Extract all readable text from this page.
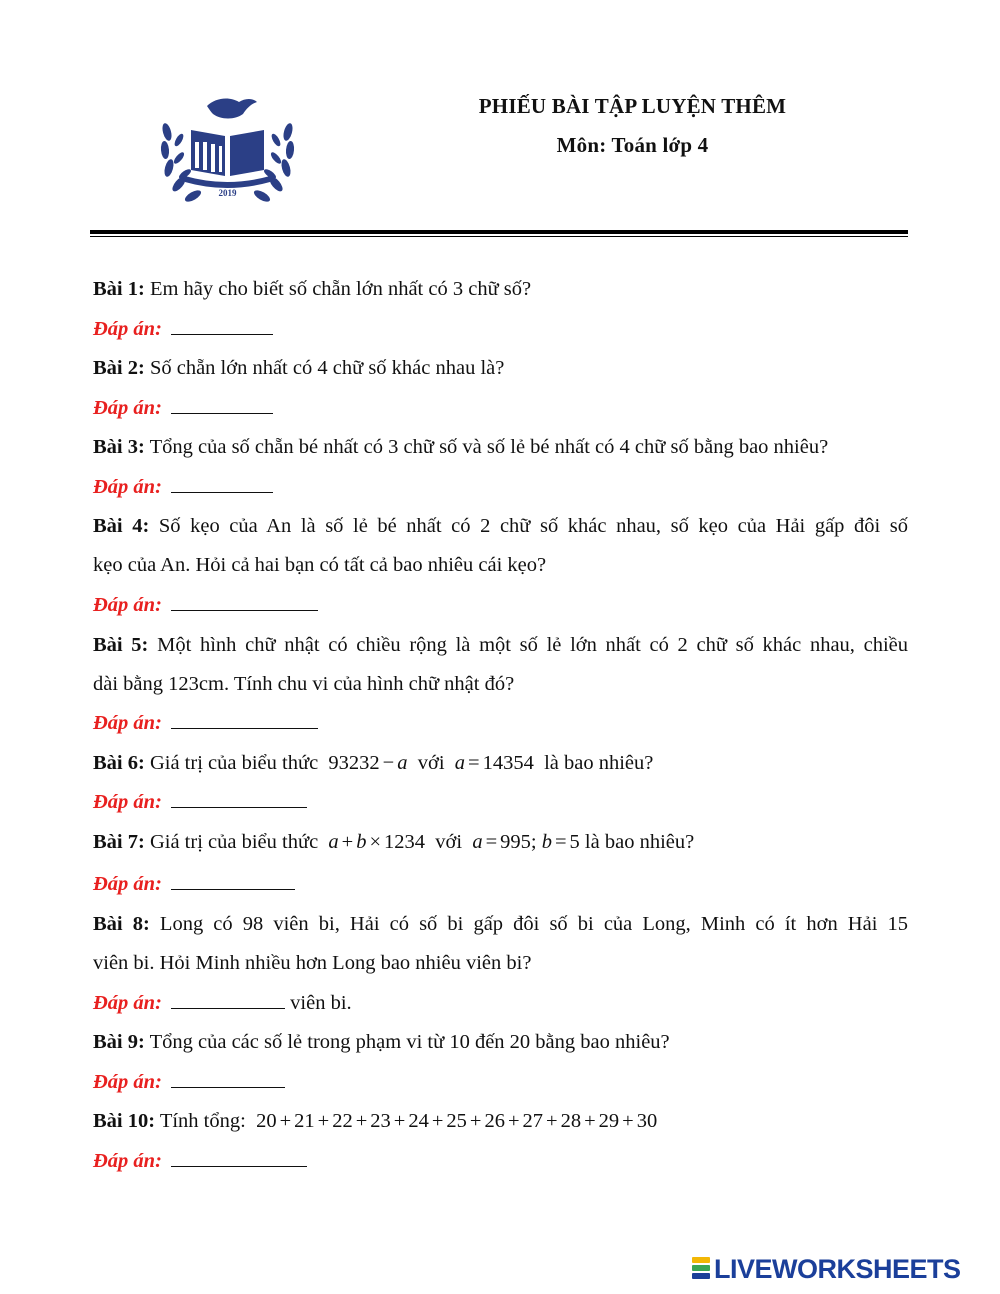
2019
PHIẾU BÀI TẬP LUYỆN THÊM
Môn: Toán lớp 4
Bài 1: Em hãy cho biết số chẵn lớn nhất có 3 chữ số?
Đáp án:
Bài 2: Số chẵn lớn nhất có 4 chữ số khác nhau là?
Đáp án:
Bài 3: Tổng của số chẵn bé nhất có 3 chữ số và số lẻ bé nhất có 4 chữ số bằng bao nhiêu?
Đáp án:
Bài 4: Số kẹo của An là số lẻ bé nhất có 2 chữ số khác nhau, số kẹo của Hải gấp đôi số
kẹo của An. Hỏi cả hai bạn có tất cả bao nhiêu cái kẹo?
Đáp án:
Bài 5: Một hình chữ nhật có chiều rộng là một số lẻ lớn nhất có 2 chữ số khác nhau, chiều
dài bằng 123cm. Tính chu vi của hình chữ nhật đó?
Đáp án:
Bài 6: Giá trị của biểu thức 93232 − a với a = 14354 là bao nhiêu?
Đáp án:
Bài 7: Giá trị của biểu thức a + b × 1234 với a = 995; b = 5 là bao nhiêu?
Đáp án:
Bài 8: Long có 98 viên bi, Hải có số bi gấp đôi số bi của Long, Minh có ít hơn Hải 15
viên bi. Hỏi Minh nhiều hơn Long bao nhiêu viên bi?
Đáp án:	viên bi.
Bài 9: Tổng của các số lẻ trong phạm vi từ 10 đến 20 bằng bao nhiêu?
Đáp án:
Bài 10: Tính tổng: 20 + 21 + 22 + 23 + 24 + 25 + 26 + 27 + 28 + 29 + 30
Đáp án:
LIVEWORKSHEETS
